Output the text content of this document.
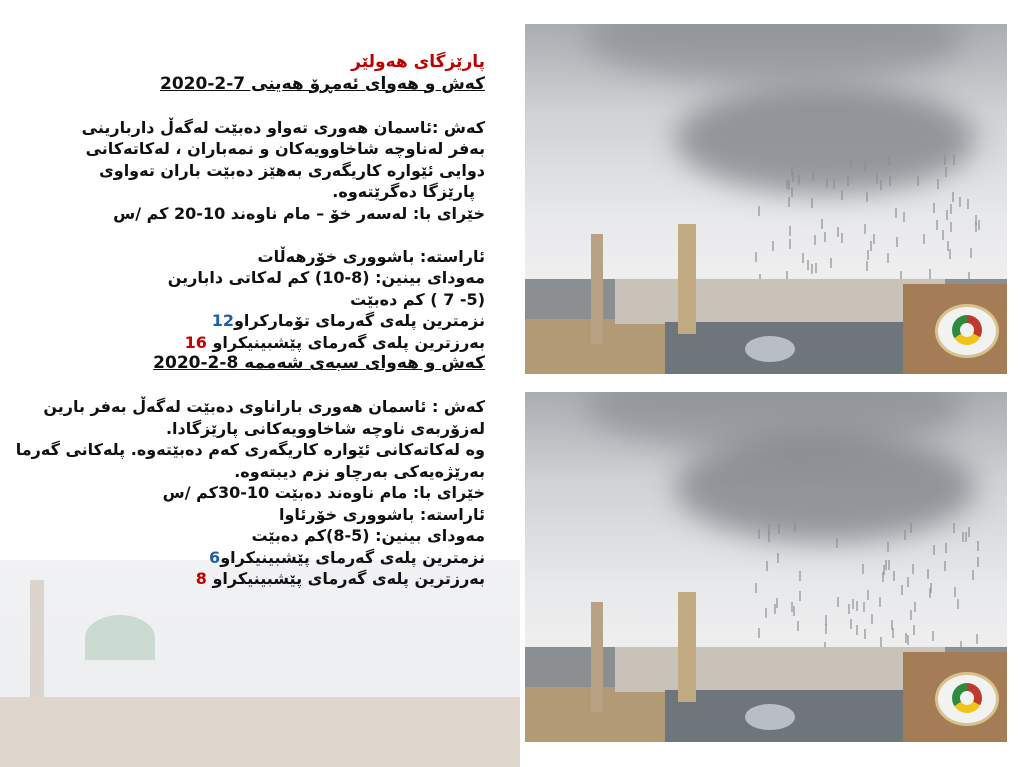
پارێزگای هەولێر

کەش و هەوای ئەمڕۆ هەینی 7-2-2020

کەش :ئاسمان هەوری تەواو دەبێت لەگەڵ داربارینی

بەفر لەناوچە شاخاوویەکان و نمەباران ، لەکاتەکانی

دوایی ئێوارە کاریگەری بەهێز دەبێت باران تەواوی

پارێزگا دەگرێتەوە.

خێرای با: لەسەر خۆ – مام ناوەند 10-20 کم /س

ئاراستە: باشووری خۆرهەڵات

مەودای بینین: (8-10) کم لەکاتی دابارین

(5- 7 ) کم دەبێت

نزمترین پلەی گەرمای تۆمارکراو12

بەرزترین پلەی گەرمای پێشبینیکراو 16

کەش و هەوای سبەی شەممە 8-2-2020

کەش : ئاسمان هەوری باراناوی دەبێت لەگەڵ بەفر بارین

لەزۆربەی ناوچە شاخاوویەکانی پارێزگادا.

وە لەکاتەکانی ئێوارە کاریگەری کەم دەبێتەوە. پلەکانی گەرما

بەرێژەیەکی بەرچاو نزم دیبتەوە.

خێرای با: مام ناوەند دەبێت 10-30کم /س

ئاراستە: باشووری خۆرئاوا

مەودای بینین: (5-8)کم دەبێت

نزمترین پلەی گەرمای پێشبینیکراو6

بەرزترین پلەی گەرمای پێشبینیکراو 8
